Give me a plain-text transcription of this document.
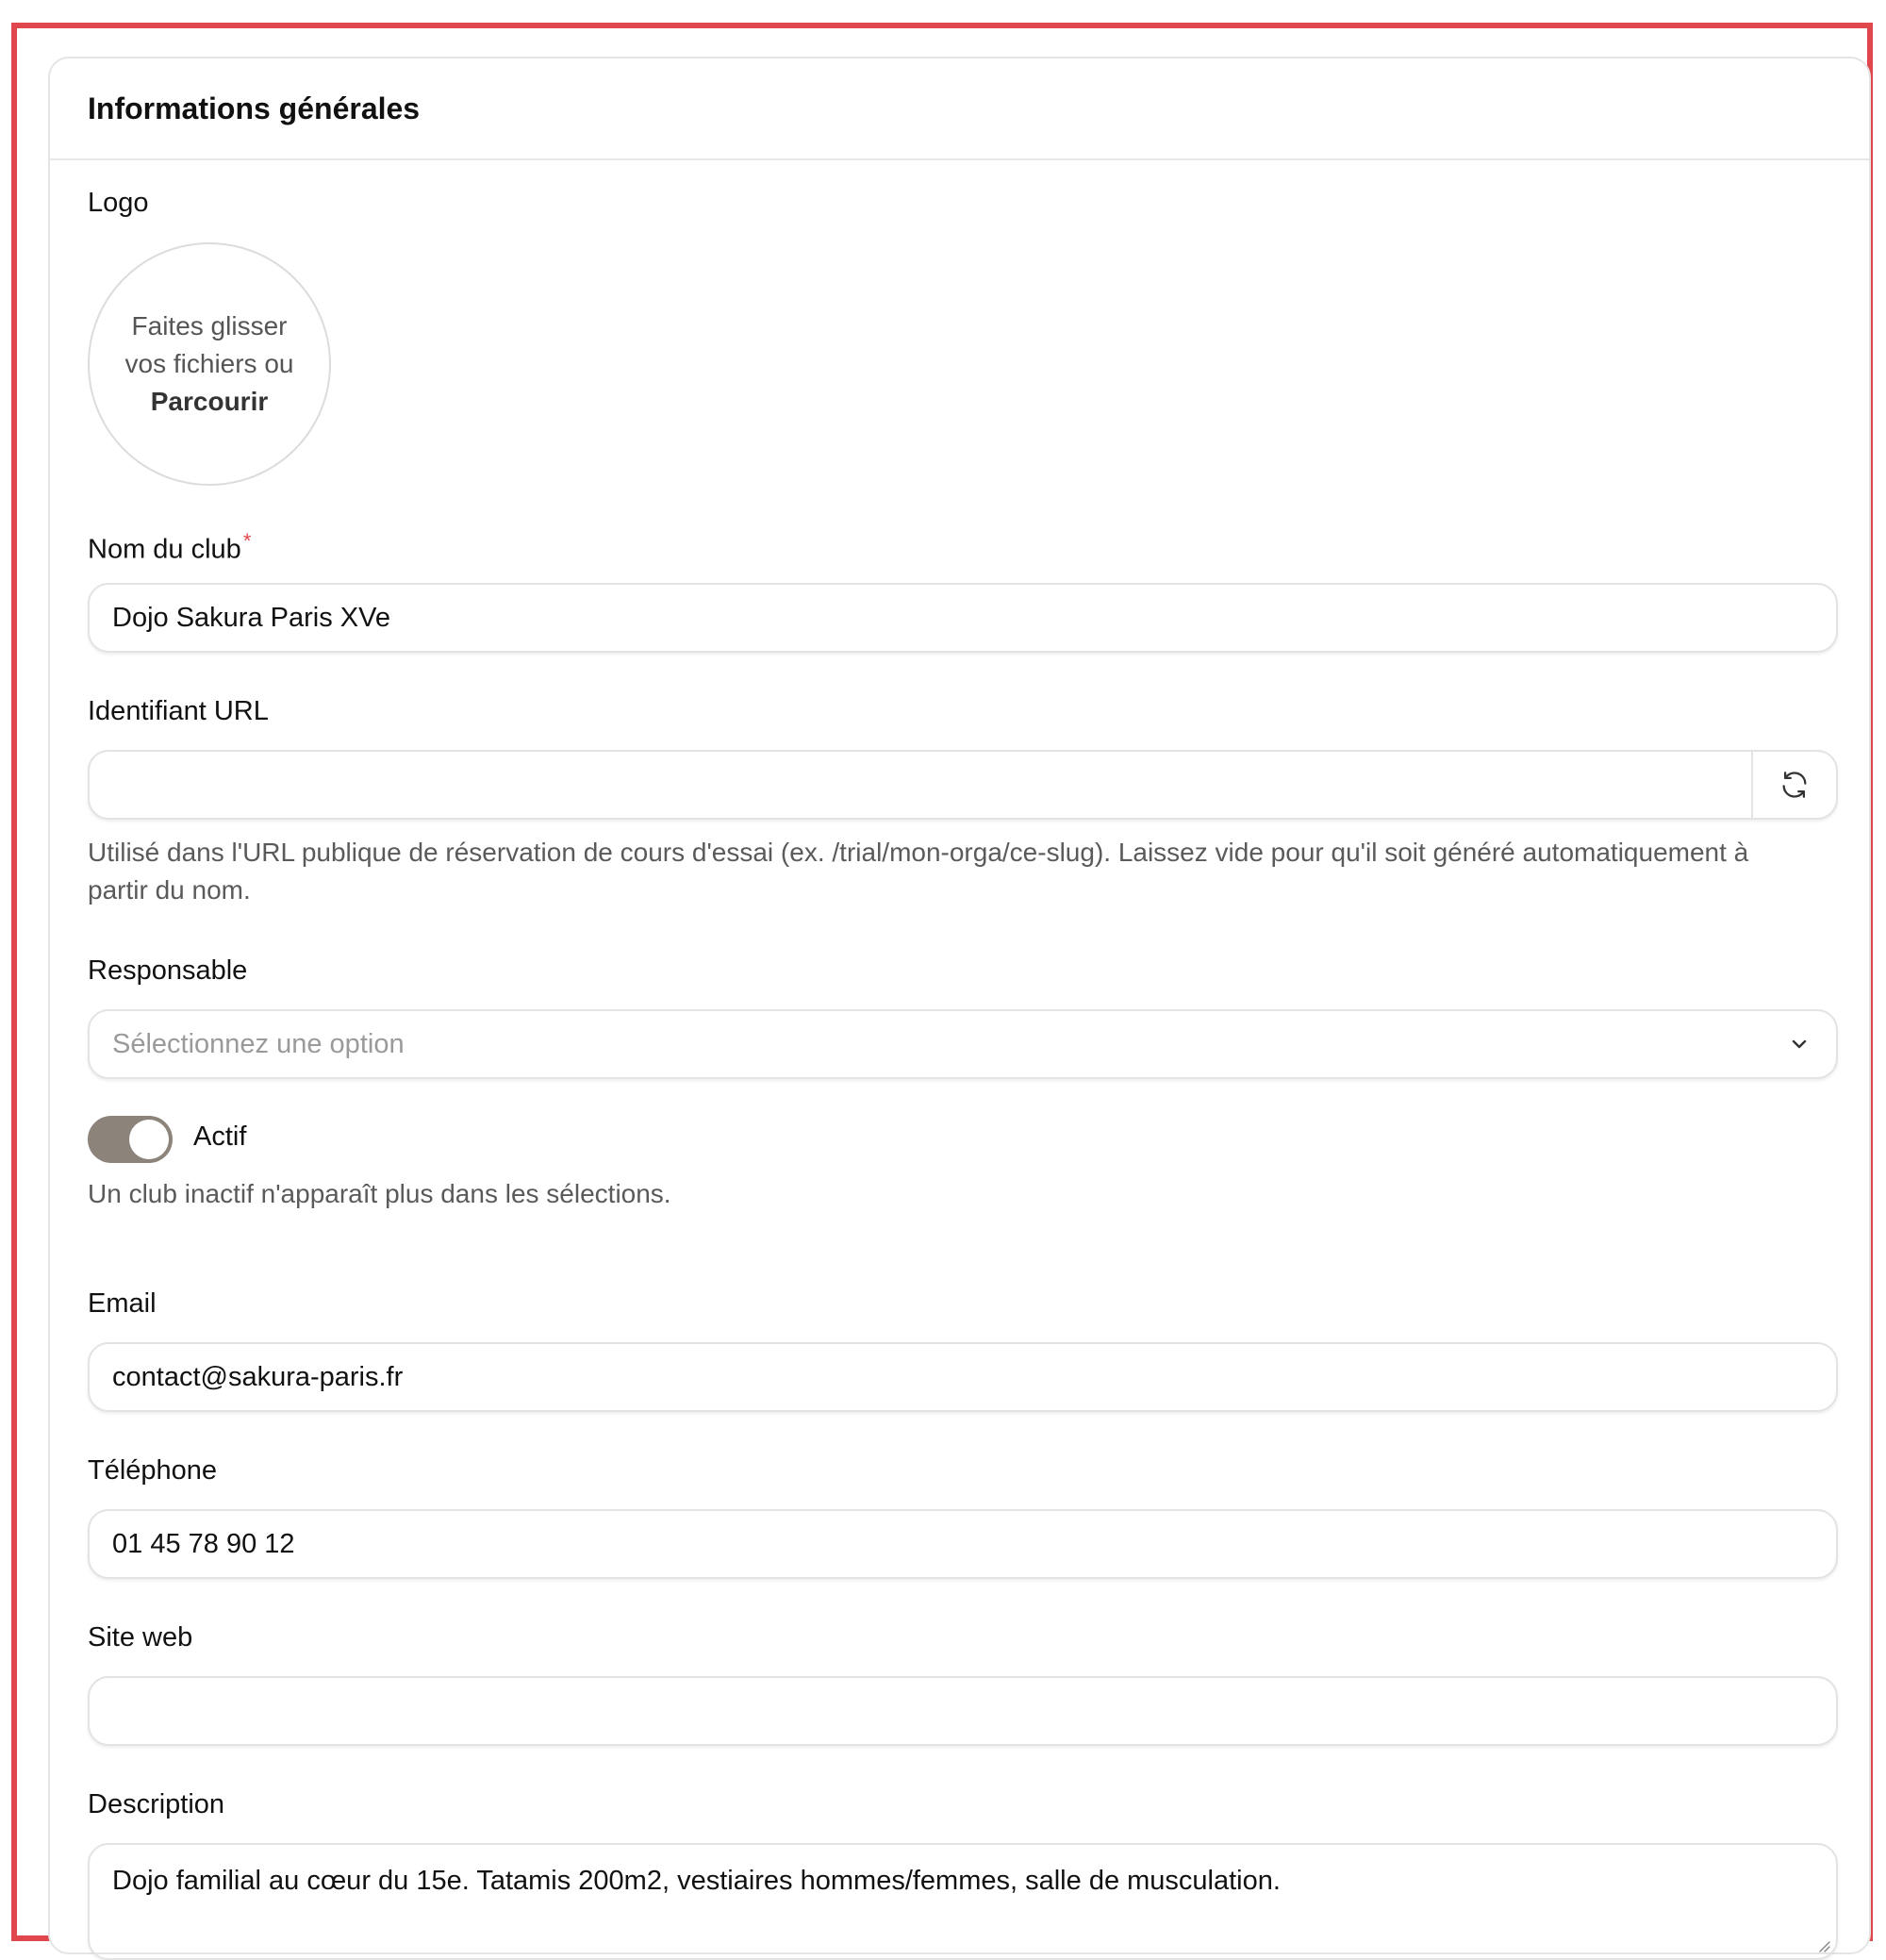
Informations générales
Logo
Faites glisser
vos fichiers ou
Parcourir
Nom du club*
Dojo Sakura Paris XVe
Identifiant URL
Utilisé dans l'URL publique de réservation de cours d'essai (ex. /trial/mon-orga/ce-slug). Laissez vide pour qu'il soit généré automatiquement à partir du nom.
Responsable
Sélectionnez une option
Actif
Un club inactif n'apparaît plus dans les sélections.
Email
contact@sakura-paris.fr
Téléphone
01 45 78 90 12
Site web
Description
Dojo familial au cœur du 15e. Tatamis 200m2, vestiaires hommes/femmes, salle de musculation.
